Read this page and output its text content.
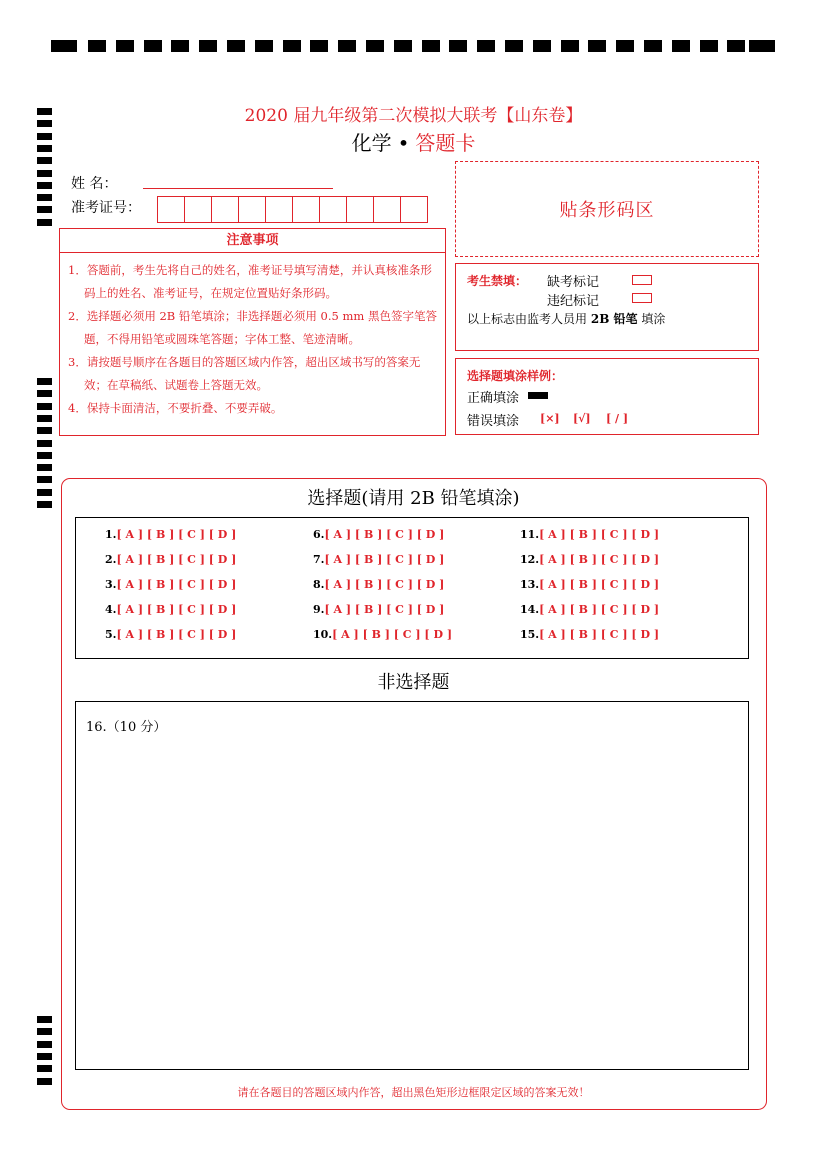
2020 届九年级第二次模拟大联考【山东卷】
化学 • 答题卡
姓 名：
准考证号：	贴条形码区
注意事项
1．答题前，考生先将自己的姓名，准考证号填写清楚，并认真核准条形码上的姓名、准考证号，在规定位置贴好条形码。
2．选择题必须用 2B 铅笔填涂；非选择题必须用 0.5 mm 黑色签字笔答题，不得用铅笔或圆珠笔答题；字体工整、笔迹清晰。
3．请按题号顺序在各题目的答题区域内作答，超出区域书写的答案无效；在草稿纸、试题卷上答题无效。
4．保持卡面清洁，不要折叠、不要弄破。
考生禁填： 缺考标记
违纪标记
以上标志由监考人员用 2B 铅笔 填涂
选择题填涂样例：
正确填涂
错误填涂 [×] [√] [ / ]
选择题(请用 2B 铅笔填涂)
1.[ A ] [ B ] [ C ] [ D ]
2.[ A ] [ B ] [ C ] [ D ]
3.[ A ] [ B ] [ C ] [ D ]
4.[ A ] [ B ] [ C ] [ D ]
5.[ A ] [ B ] [ C ] [ D ]
6.[ A ] [ B ] [ C ] [ D ]
7.[ A ] [ B ] [ C ] [ D ]
8.[ A ] [ B ] [ C ] [ D ]
9.[ A ] [ B ] [ C ] [ D ]
10.[ A ] [ B ] [ C ] [ D ]
11.[ A ] [ B ] [ C ] [ D ]
12.[ A ] [ B ] [ C ] [ D ]
13.[ A ] [ B ] [ C ] [ D ]
14.[ A ] [ B ] [ C ] [ D ]
15.[ A ] [ B ] [ C ] [ D ]
非选择题
16.（10 分）
请在各题目的答题区域内作答，超出黑色矩形边框限定区域的答案无效！
